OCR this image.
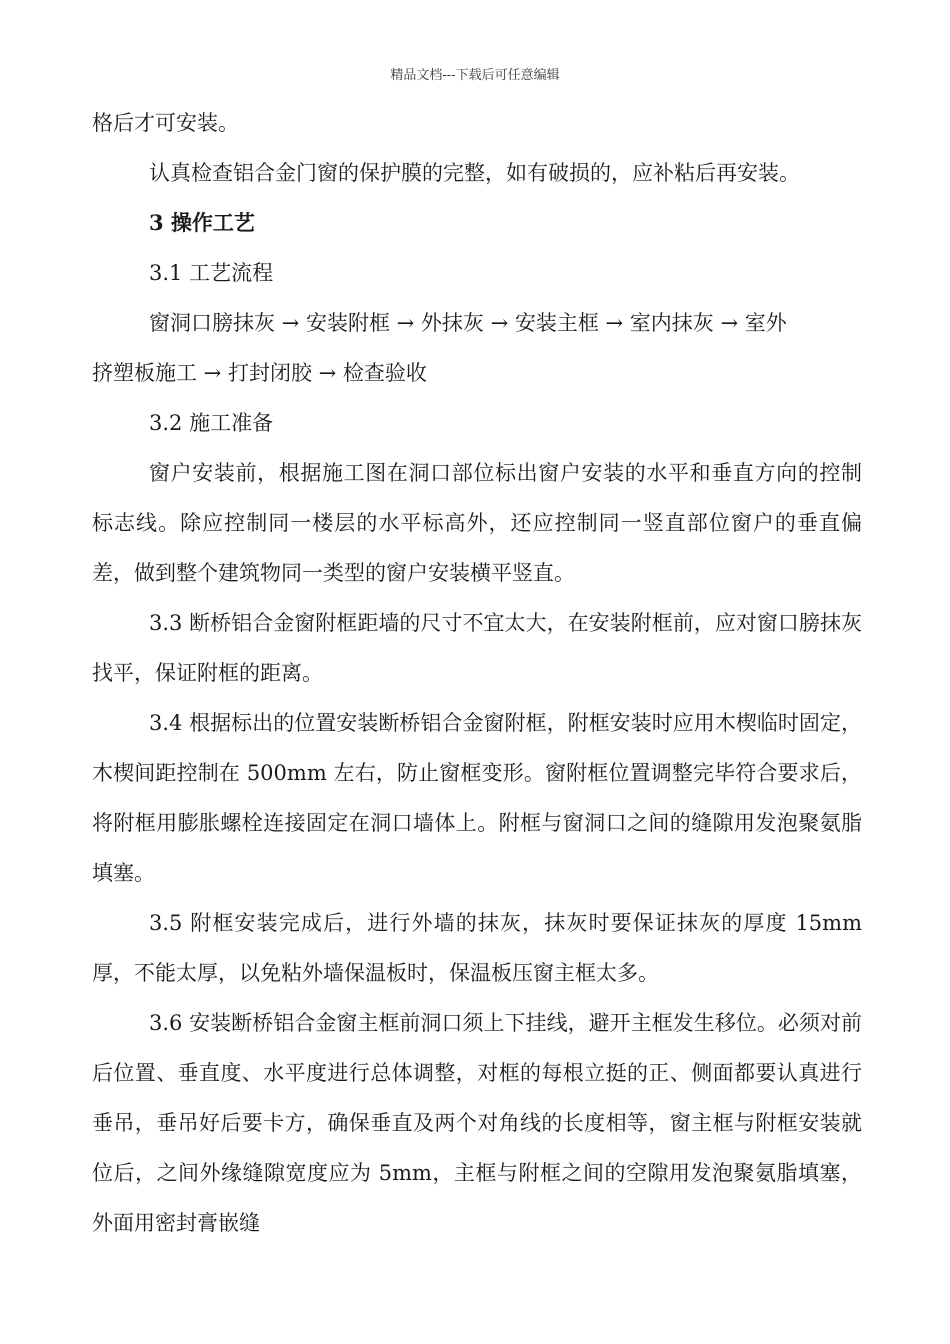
精品文档---下载后可任意编辑

格后才可安装。

认真检查铝合金门窗的保护膜的完整，如有破损的，应补粘后再安装。

3 操作工艺

3.1 工艺流程

窗洞口膀抹灰 → 安装附框 → 外抹灰 → 安装主框 → 室内抹灰 → 室外

挤塑板施工 → 打封闭胶 → 检查验收

3.2 施工准备

窗户安装前，根据施工图在洞口部位标出窗户安装的水平和垂直方向的控制标志线。除应控制同一楼层的水平标高外，还应控制同一竖直部位窗户的垂直偏差，做到整个建筑物同一类型的窗户安装横平竖直。

3.3 断桥铝合金窗附框距墙的尺寸不宜太大，在安装附框前，应对窗口膀抹灰找平，保证附框的距离。

3.4 根据标出的位置安装断桥铝合金窗附框，附框安装时应用木楔临时固定，木楔间距控制在 500mm 左右，防止窗框变形。窗附框位置调整完毕符合要求后，将附框用膨胀螺栓连接固定在洞口墙体上。附框与窗洞口之间的缝隙用发泡聚氨脂填塞。

3.5 附框安装完成后，进行外墙的抹灰，抹灰时要保证抹灰的厚度 15mm 厚，不能太厚，以免粘外墙保温板时，保温板压窗主框太多。

3.6 安装断桥铝合金窗主框前洞口须上下挂线，避开主框发生移位。必须对前后位置、垂直度、水平度进行总体调整，对框的每根立挺的正、侧面都要认真进行垂吊，垂吊好后要卡方，确保垂直及两个对角线的长度相等，窗主框与附框安装就位后，之间外缘缝隙宽度应为 5mm，主框与附框之间的空隙用发泡聚氨脂填塞，外面用密封膏嵌缝
